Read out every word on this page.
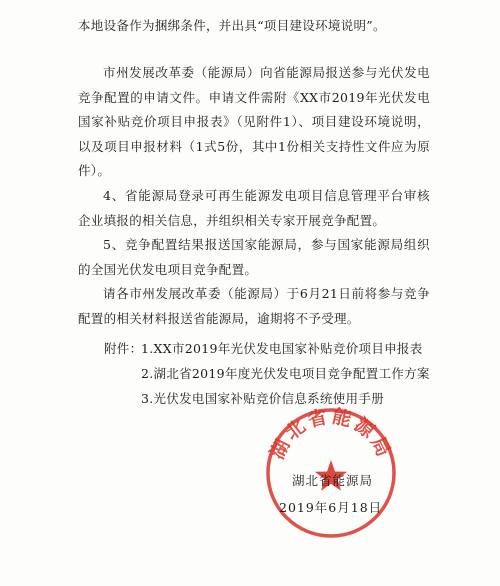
本地设备作为捆绑条件，并出具“项目建设环境说明”。

市州发展改革委（能源局）向省能源局报送参与光伏发电竞争配置的申请文件。申请文件需附《XX市2019年光伏发电国家补贴竞价项目申报表》（见附件1）、项目建设环境说明，以及项目申报材料（1式5份，其中1份相关支持性文件应为原件）。

4、省能源局登录可再生能源发电项目信息管理平台审核企业填报的相关信息，并组织相关专家开展竞争配置。

5、竞争配置结果报送国家能源局，参与国家能源局组织的全国光伏发电项目竞争配置。

请各市州发展改革委（能源局）于6月21日前将参与竞争配置的相关材料报送省能源局，逾期将不予受理。

附件：
1.XX市2019年光伏发电国家补贴竞价项目申报表
2.湖北省2019年度光伏发电项目竞争配置工作方案
3.光伏发电国家补贴竞价信息系统使用手册
湖北省能源局
湖北省能源局
2019年6月18日
